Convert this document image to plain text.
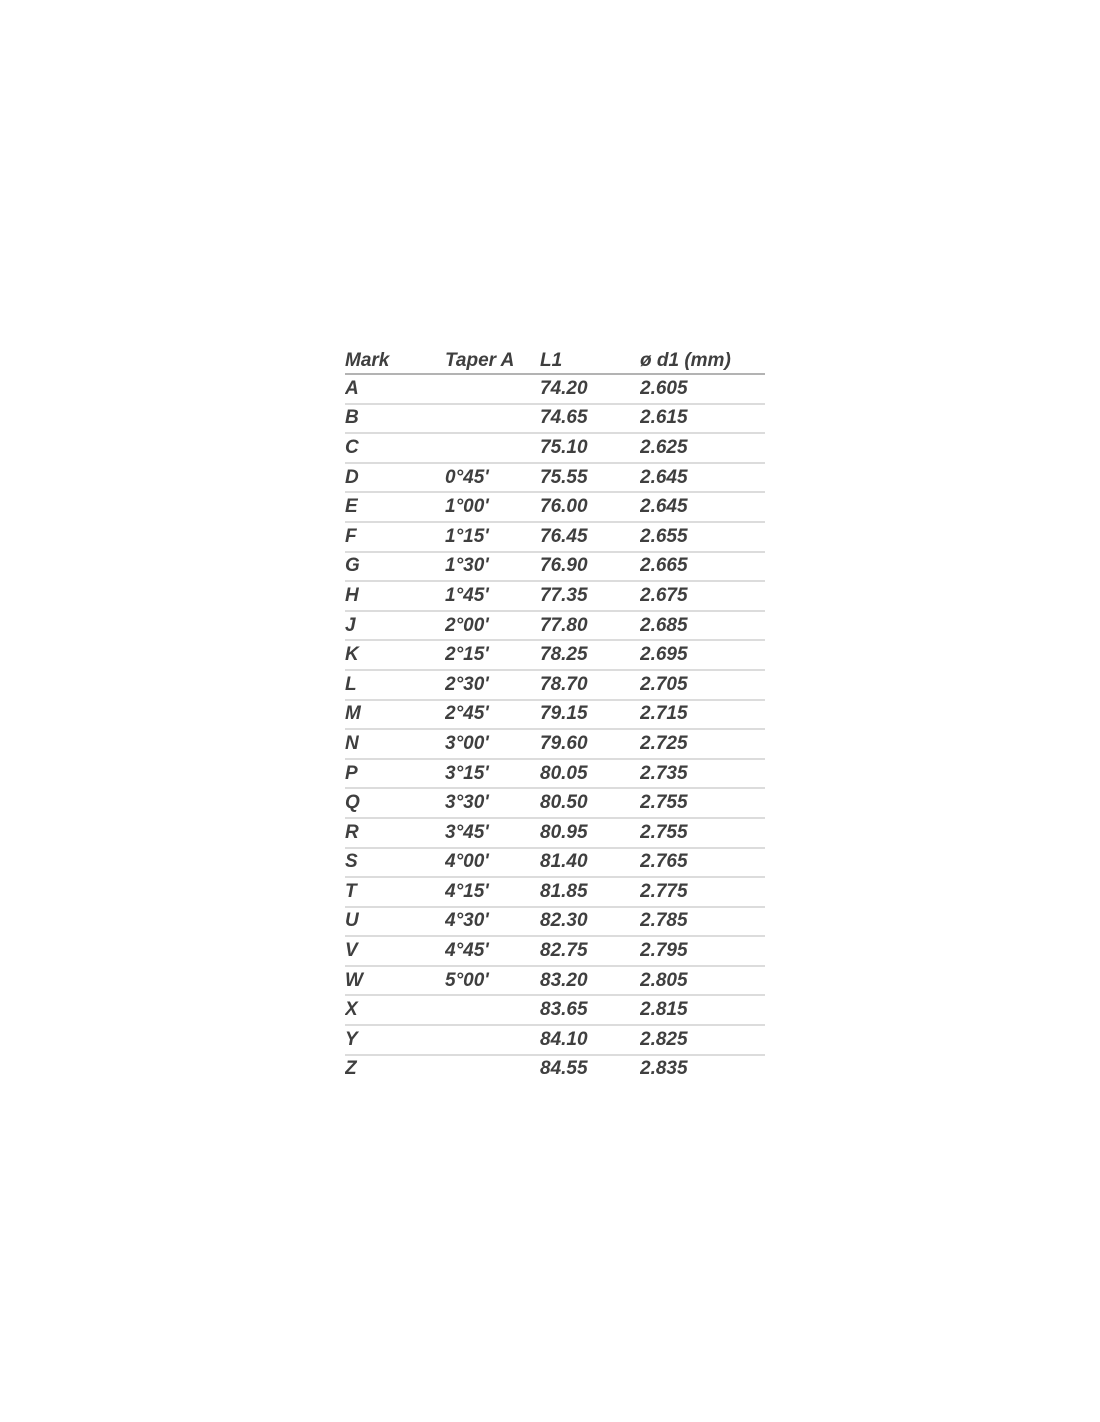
Mark	Taper A	L1	ø d1 (mm)
A		74.20	2.605
B		74.65	2.615
C		75.10	2.625
D	0°45'	75.55	2.645
E	1°00'	76.00	2.645
F	1°15'	76.45	2.655
G	1°30'	76.90	2.665
H	1°45'	77.35	2.675
J	2°00'	77.80	2.685
K	2°15'	78.25	2.695
L	2°30'	78.70	2.705
M	2°45'	79.15	2.715
N	3°00'	79.60	2.725
P	3°15'	80.05	2.735
Q	3°30'	80.50	2.755
R	3°45'	80.95	2.755
S	4°00'	81.40	2.765
T	4°15'	81.85	2.775
U	4°30'	82.30	2.785
V	4°45'	82.75	2.795
W	5°00'	83.20	2.805
X		83.65	2.815
Y		84.10	2.825
Z		84.55	2.835
